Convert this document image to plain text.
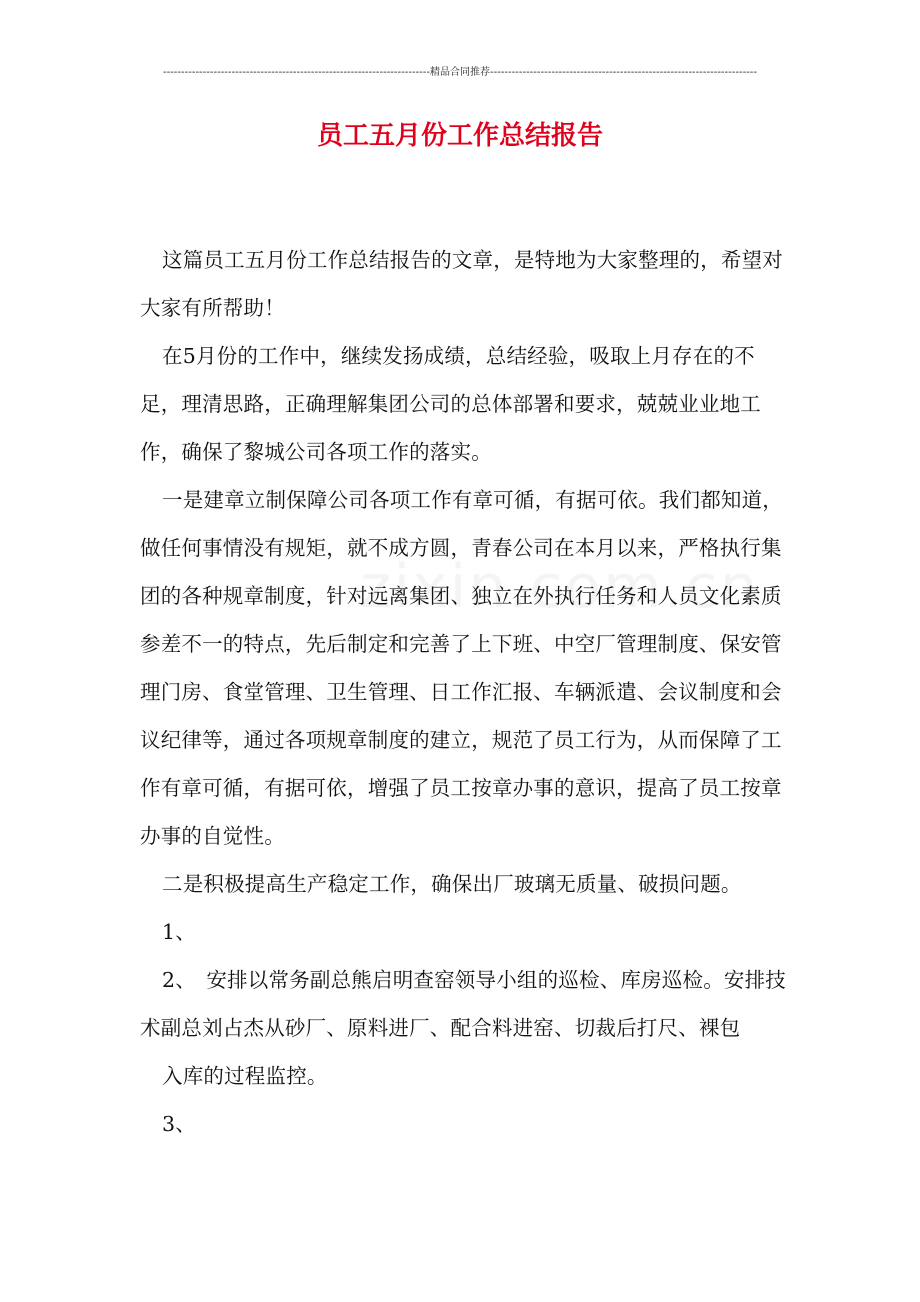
--------------------------------------------------------------------------精品合同推荐--------------------------------------------------------------------------
员工五月份工作总结报告

这篇员工五月份工作总结报告的文章，是特地为大家整理的，希望对大家有所帮助！

在5月份的工作中，继续发扬成绩，总结经验，吸取上月存在的不足，理清思路，正确理解集团公司的总体部署和要求，兢兢业业地工作，确保了黎城公司各项工作的落实。

一是建章立制保障公司各项工作有章可循，有据可依。我们都知道，做任何事情没有规矩，就不成方圆，青春公司在本月以来，严格执行集团的各种规章制度，针对远离集团、独立在外执行任务和人员文化素质参差不一的特点，先后制定和完善了上下班、中空厂管理制度、保安管理门房、食堂管理、卫生管理、日工作汇报、车辆派遣、会议制度和会议纪律等，通过各项规章制度的建立，规范了员工行为，从而保障了工作有章可循，有据可依，增强了员工按章办事的意识，提高了员工按章办事的自觉性。

二是积极提高生产稳定工作，确保出厂玻璃无质量、破损问题。

1、

2、　安排以常务副总熊启明查窑领导小组的巡检、库房巡检。安排技术副总刘占杰从砂厂、原料进厂、配合料进窑、切裁后打尺、裸包

入库的过程监控。

3、
